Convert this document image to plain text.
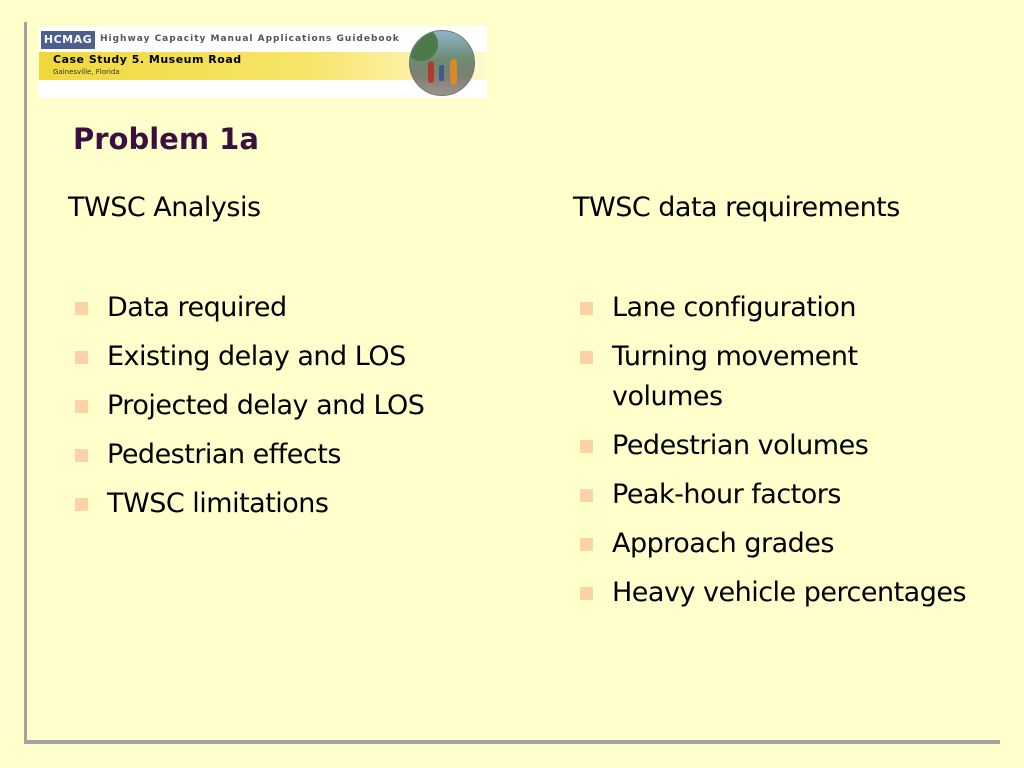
HCMAG Highway Capacity Manual Applications Guidebook
Case Study 5. Museum Road
Gainesville, Florida
Problem 1a
TWSC Analysis	TWSC data requirements
Data required
Existing delay and LOS
Projected delay and LOS
Pedestrian effects
TWSC limitations
Lane configuration
Turning movement volumes
Pedestrian volumes
Peak-hour factors
Approach grades
Heavy vehicle percentages
